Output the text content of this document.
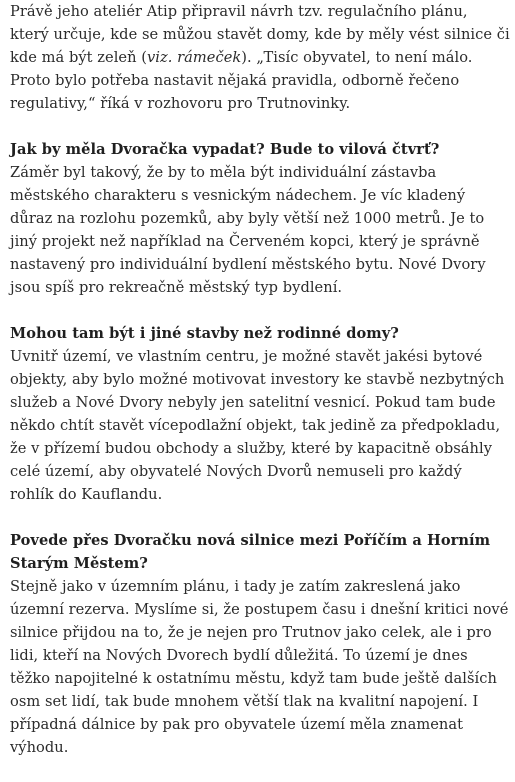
Právě jeho ateliér Atip připravil návrh tzv. regulačního plánu, který určuje, kde se můžou stavět domy, kde by měly vést silnice či kde má být zeleň (viz. rámeček). „Tisíc obyvatel, to není málo. Proto bylo potřeba nastavit nějaká pravidla, odborně řečeno regulativy,“ říká v rozhovoru pro Trutnovinky.

Jak by měla Dvoračka vypadat? Bude to vilová čtvrť?

Záměr byl takový, že by to měla být individuální zástavba městského charakteru s vesnickým nádechem. Je víc kladený důraz na rozlohu pozemků, aby byly větší než 1000 metrů. Je to jiný projekt než například na Červeném kopci, který je správně nastavený pro individuální bydlení městského bytu. Nové Dvory jsou spíš pro rekreačně městský typ bydlení.

Mohou tam být i jiné stavby než rodinné domy?

Uvnitř území, ve vlastním centru, je možné stavět jakési bytové objekty, aby bylo možné motivovat investory ke stavbě nezbytných služeb a Nové Dvory nebyly jen satelitní vesnicí. Pokud tam bude někdo chtít stavět vícepodlažní objekt, tak jedině za předpokladu, že v přízemí budou obchody a služby, které by kapacitně obsáhly celé území, aby obyvatelé Nových Dvorů nemuseli pro každý rohlík do Kauflandu.

Povede přes Dvoračku nová silnice mezi Poříčím a Horním Starým Městem?

Stejně jako v územním plánu, i tady je zatím zakreslená jako územní rezerva. Myslíme si, že postupem času i dnešní kritici nové silnice přijdou na to, že je nejen pro Trutnov jako celek, ale i pro lidi, kteří na Nových Dvorech bydlí důležitá. To území je dnes těžko napojitelné k ostatnímu městu, když tam bude ještě dalších osm set lidí, tak bude mnohem větší tlak na kvalitní napojení. I případná dálnice by pak pro obyvatele území měla znamenat výhodu.
